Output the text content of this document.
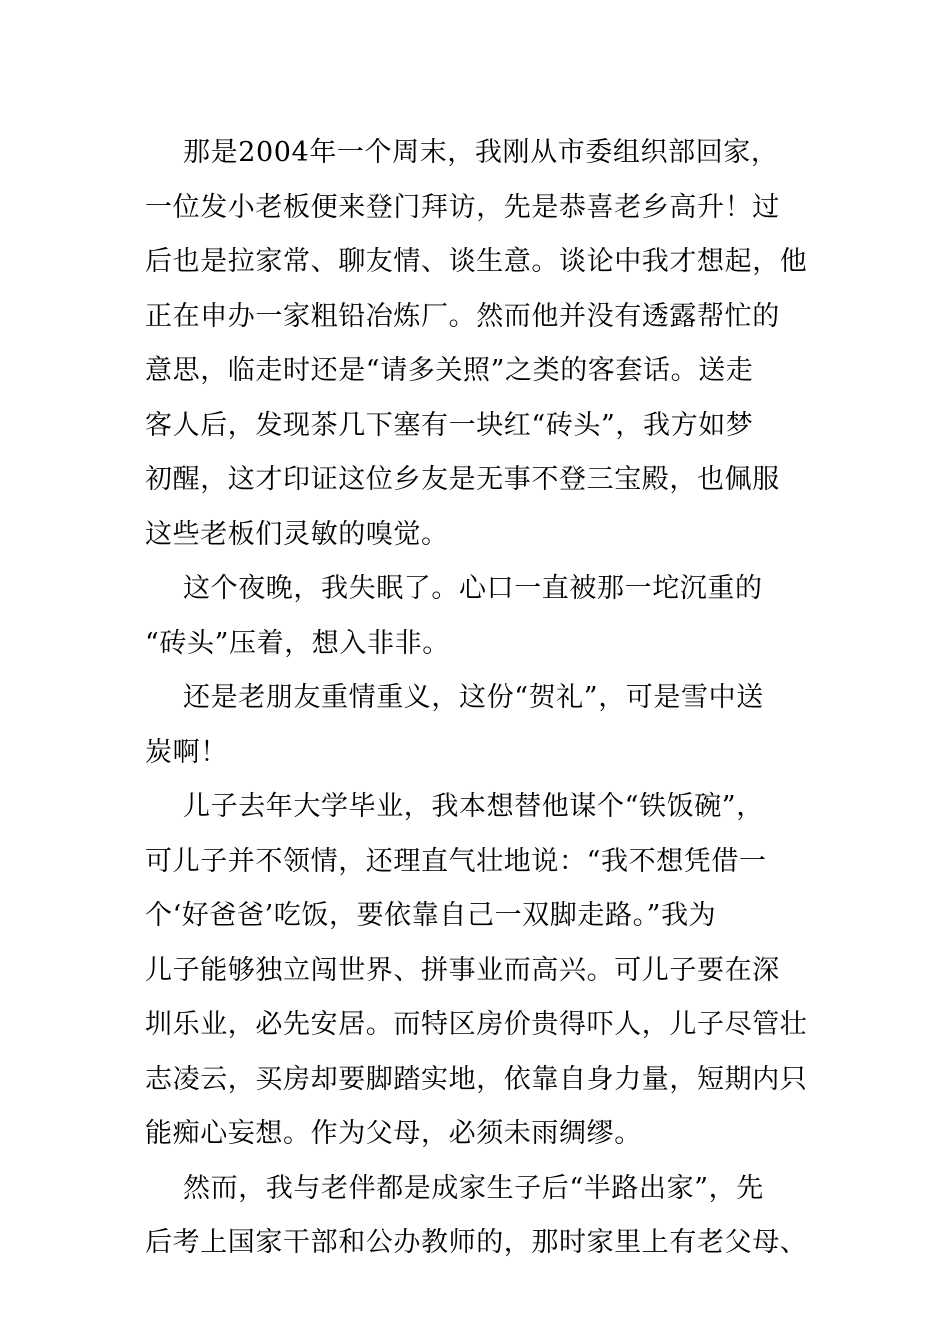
那是2004年一个周末，我刚从市委组织部回家，
一位发小老板便来登门拜访，先是恭喜老乡高升！过
后也是拉家常、聊友情、谈生意。谈论中我才想起，他
正在申办一家粗铅冶炼厂。然而他并没有透露帮忙的
意思，临走时还是“请多关照”之类的客套话。送走
客人后，发现茶几下塞有一块红“砖头”，我方如梦
初醒，这才印证这位乡友是无事不登三宝殿，也佩服
这些老板们灵敏的嗅觉。
这个夜晚，我失眠了。心口一直被那一坨沉重的
“砖头”压着，想入非非。
还是老朋友重情重义，这份“贺礼”，可是雪中送
炭啊！
儿子去年大学毕业，我本想替他谋个“铁饭碗”，
可儿子并不领情，还理直气壮地说：“我不想凭借一
个‘好爸爸’吃饭，要依靠自己一双脚走路。”我为
儿子能够独立闯世界、拼事业而高兴。可儿子要在深
圳乐业，必先安居。而特区房价贵得吓人，儿子尽管壮
志凌云，买房却要脚踏实地，依靠自身力量，短期内只
能痴心妄想。作为父母，必须未雨绸缪。
然而，我与老伴都是成家生子后“半路出家”，先
后考上国家干部和公办教师的，那时家里上有老父母、
